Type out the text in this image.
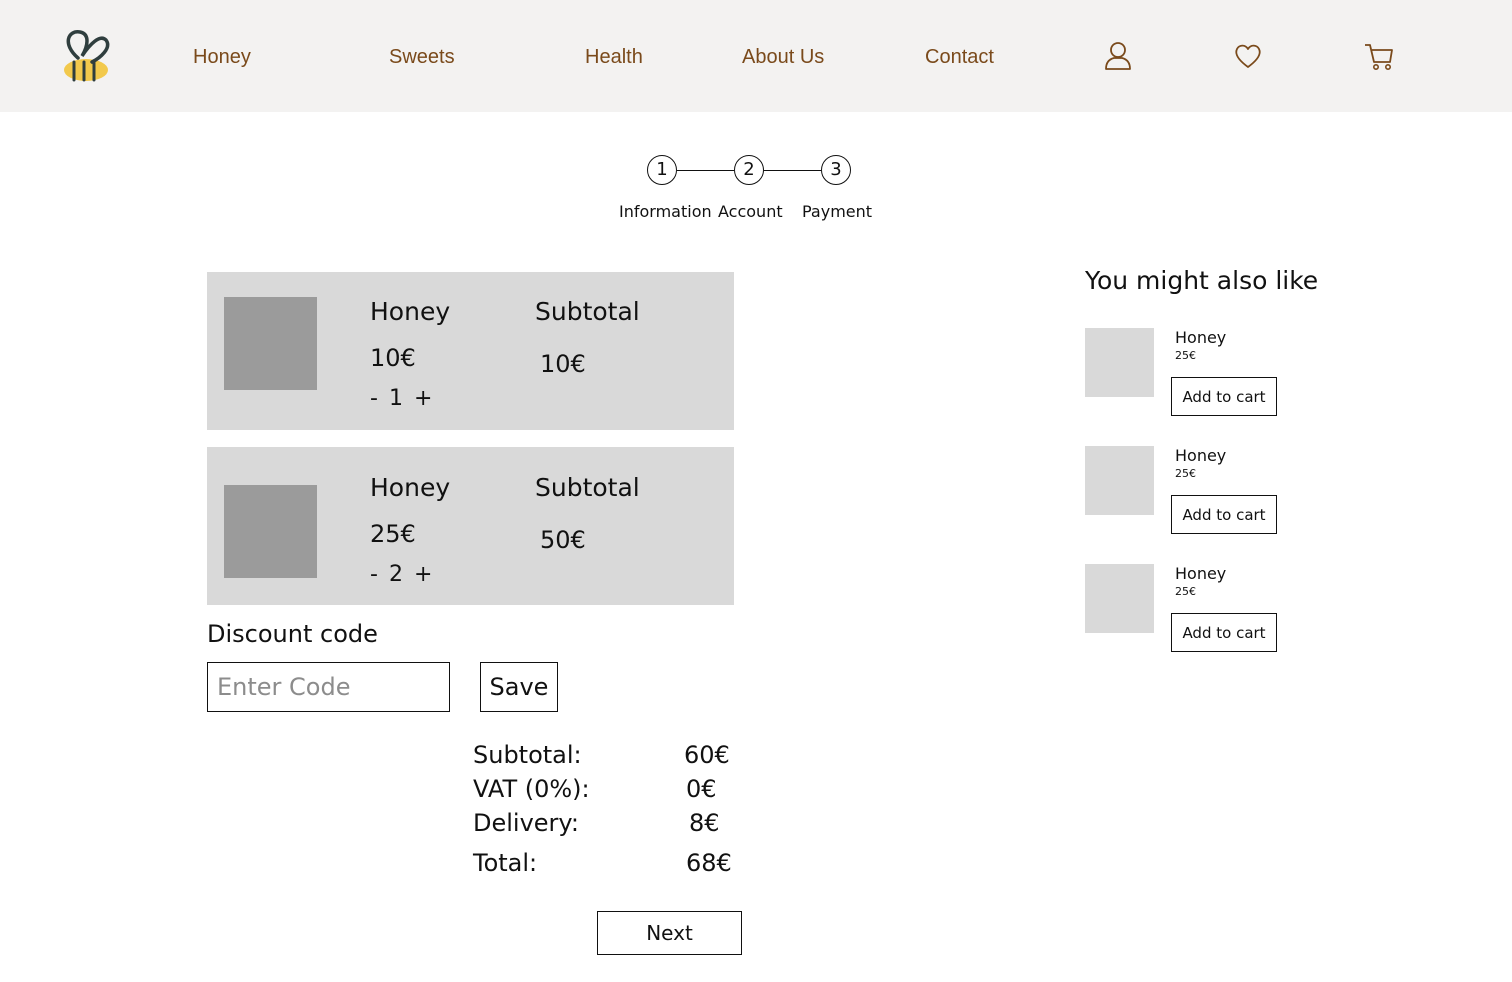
Honey	Sweets	Health	About Us	Contact
1	2	3
Information Account Payment
Honey
10€
- 1 +
Subtotal
10€
Honey
25€
- 2 +
Subtotal
50€
Discount code
Enter Code
Save
Subtotal:	60€
VAT (0%):	0€
Delivery:	8€
Total:	68€
Next
You might also like
Honey
25€
Add to cart
Honey
25€
Add to cart
Honey
25€
Add to cart
